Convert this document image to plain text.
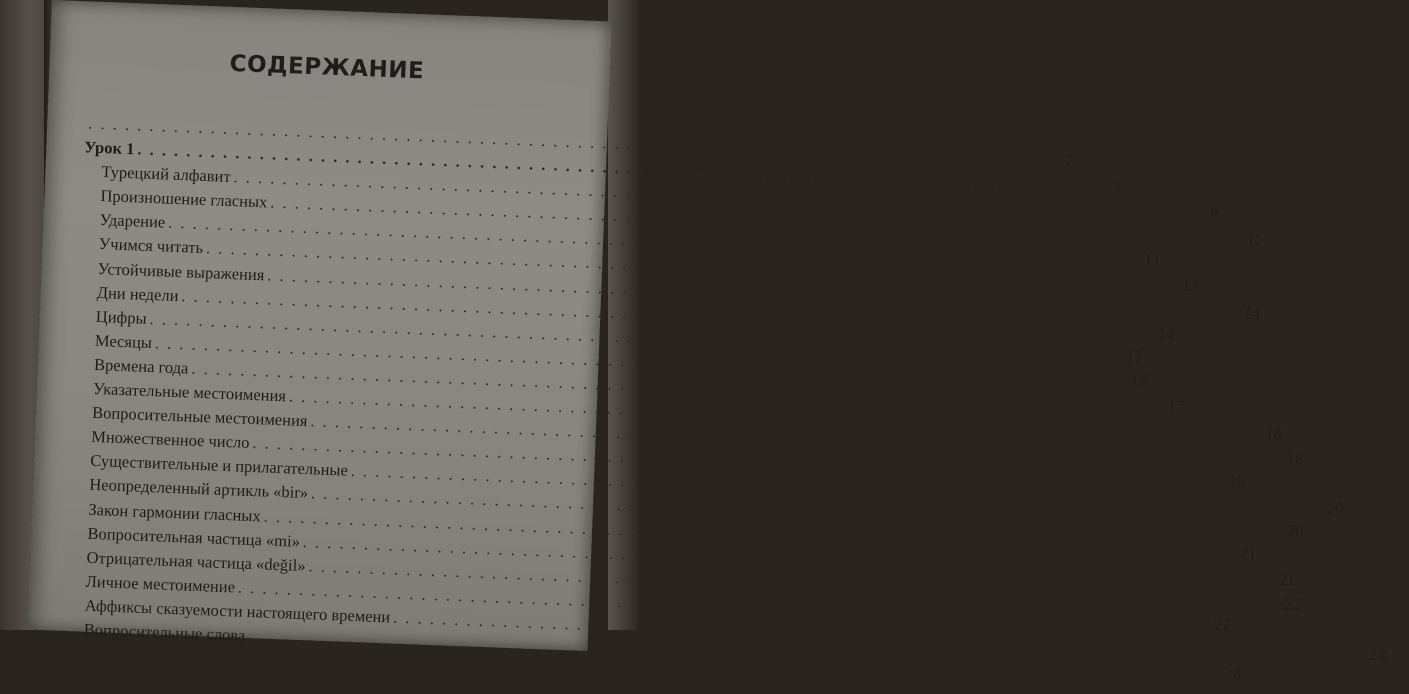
СОДЕРЖАНИЕ
. . .
7
Урок 1
. . .
7
Турецкий алфавит
. . .
8
Произношение гласных
. . .
11
Ударение
. . .
11
Учимся читать
. . .
13
Устойчивые выражения
. . .
14
Дни недели
. . .
14
Цифры
. . .
17
Месяцы
. . .
17
Времена года
. . .
17
Указательные местоимения
. . .
18
Вопросительные местоимения
. . .
18
Множественное число
. . .
18
Существительные и прилагательные
. . .
20
Неопределенный артикль «bir»
. . .
20
Закон гармонии гласных
. . .
21
Вопросительная частица «mi»
. . .
21
Отрицательная частица «değil»
. . .
22
Личное местоимение
. . .
22
Аффиксы сказуемости настоящего времени
. . .
23
Вопросительные слова
. . .
28
